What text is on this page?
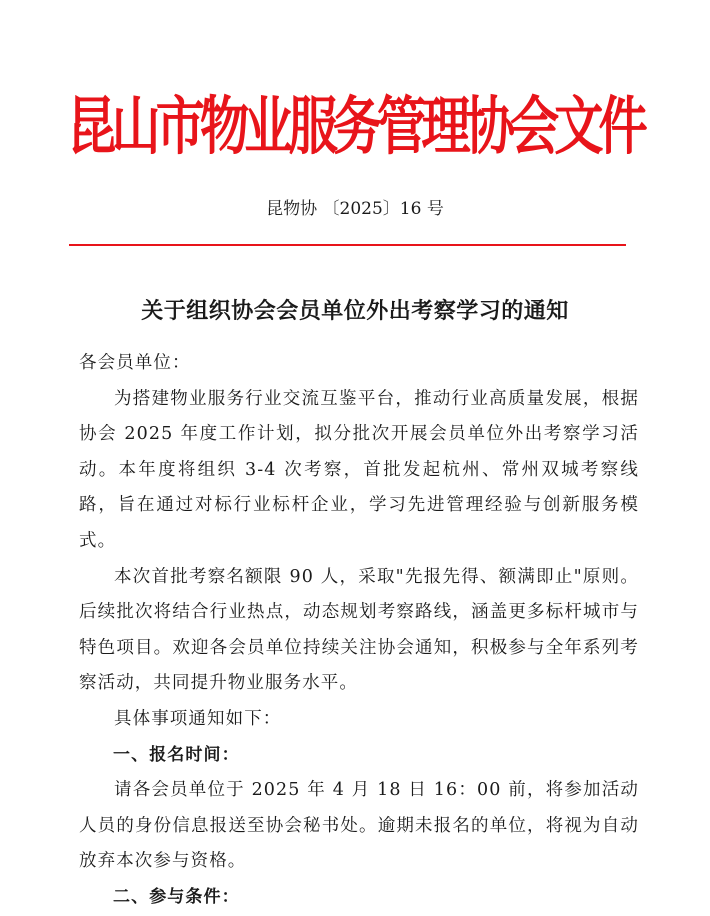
昆山市物业服务管理协会文件
昆物协 〔2025〕16 号
关于组织协会会员单位外出考察学习的通知

各会员单位：

为搭建物业服务行业交流互鉴平台，推动行业高质量发展，根据协会 2025 年度工作计划，拟分批次开展会员单位外出考察学习活动。本年度将组织 3-4 次考察，首批发起杭州、常州双城考察线路，旨在通过对标行业标杆企业，学习先进管理经验与创新服务模式。

本次首批考察名额限 90 人，采取"先报先得、额满即止"原则。后续批次将结合行业热点，动态规划考察路线，涵盖更多标杆城市与特色项目。欢迎各会员单位持续关注协会通知，积极参与全年系列考察活动，共同提升物业服务水平。

具体事项通知如下：

一、报名时间：

请各会员单位于 2025 年 4 月 18 日 16：00 前，将参加活动人员的身份信息报送至协会秘书处。逾期未报名的单位，将视为自动放弃本次参与资格。

二、参与条件：
